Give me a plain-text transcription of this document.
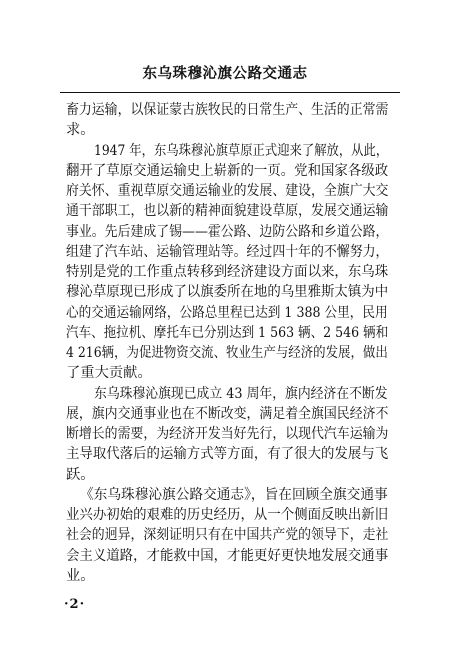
东乌珠穆沁旗公路交通志
畜力运输，以保证蒙古族牧民的日常生产、生活的正常需
求。
1947 年，东乌珠穆沁旗草原正式迎来了解放，从此，
翻开了草原交通运输史上崭新的一页。党和国家各级政
府关怀、重视草原交通运输业的发展、建设，全旗广大交
通干部职工，也以新的精神面貌建设草原，发展交通运输
事业。先后建成了锡——霍公路、边防公路和乡道公路，
组建了汽车站、运输管理站等。经过四十年的不懈努力，
特别是党的工作重点转移到经济建设方面以来，东乌珠
穆沁草原现已形成了以旗委所在地的乌里雅斯太镇为中
心的交通运输网络，公路总里程已达到 1 388 公里，民用
汽车、拖拉机、摩托车已分别达到 1 563 辆、2 546 辆和
4 216辆，为促进物资交流、牧业生产与经济的发展，做出
了重大贡献。
东乌珠穆沁旗现已成立 43 周年，旗内经济在不断发
展，旗内交通事业也在不断改变，满足着全旗国民经济不
断增长的需要，为经济开发当好先行，以现代汽车运输为
主导取代落后的运输方式等方面，有了很大的发展与飞
跃。
《东乌珠穆沁旗公路交通志》，旨在回顾全旗交通事
业兴办初始的艰难的历史经历，从一个侧面反映出新旧
社会的迥异，深刻证明只有在中国共产党的领导下，走社
会主义道路，才能救中国，才能更好更快地发展交通事
业。
·2·
